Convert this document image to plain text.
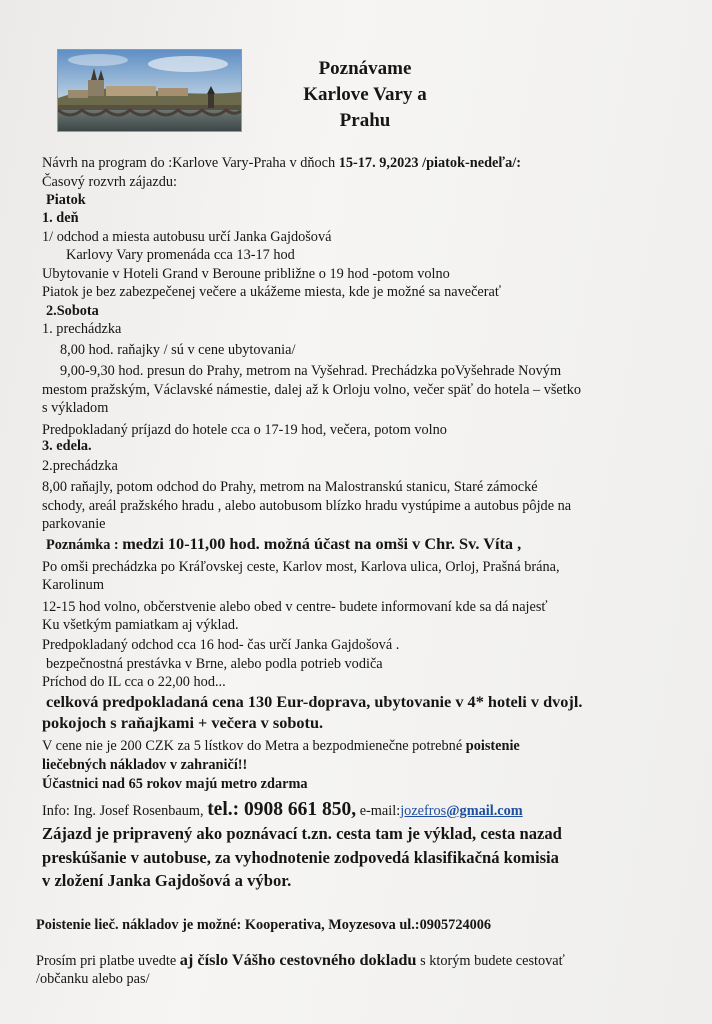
Poznávame
Karlove Vary a
Prahu
Návrh na program do :Karlove Vary-Praha v dňoch 15-17. 9,2023 /piatok-nedeľa/:
Časový rozvrh zájazdu:
Piatok
1. deň
1/ odchod a miesta autobusu určí Janka Gajdošová
Karlovy Vary promenáda cca 13-17 hod
Ubytovanie v Hoteli Grand v Beroune približne o 19 hod -potom volno
Piatok je bez zabezpečenej večere a ukážeme miesta, kde je možné sa navečerať
2.Sobota
1. prechádzka
8,00 hod. raňajky / sú v cene ubytovania/
9,00-9,30 hod. presun do Prahy, metrom na Vyšehrad. Prechádzka poVyšehrade Novým
mestom pražským, Václavské námestie, dalej až k Orloju volno, večer späť do hotela – všetko
s výkladom
Predpokladaný príjazd do hotele cca o 17-19 hod, večera, potom volno
3. edela.
2.prechádzka
8,00 raňajly, potom odchod do Prahy, metrom na Malostranskú stanicu, Staré zámocké
schody, areál pražského hradu , alebo autobusom blízko hradu vystúpime a autobus pôjde na
parkovanie
Poznámka : medzi 10-11,00 hod. možná účast na omši v Chr. Sv. Víta ,
Po omši prechádzka po Kráľovskej ceste, Karlov most, Karlova ulica, Orloj, Prašná brána,
Karolinum
12-15 hod volno, občerstvenie alebo obed v centre- budete informovaní kde sa dá najesť
Ku všetkým pamiatkam aj výklad.
Predpokladaný odchod cca 16 hod- čas určí Janka Gajdošová .
bezpečnostná prestávka v Brne, alebo podla potrieb vodiča
Príchod do IL cca o 22,00 hod...
celková predpokladaná cena 130 Eur-doprava, ubytovanie v 4* hoteli v dvojl.
pokojoch s raňajkami + večera v sobotu.
V cene nie je 200 CZK za 5 lístkov do Metra a bezpodmienečne potrebné poistenie
liečebných nákladov v zahraničí!!
Účastnici nad 65 rokov majú metro zdarma
Info: Ing. Josef Rosenbaum, tel.: 0908 661 850, e-mail:jozefros@gmail.com
Zájazd je pripravený ako poznávací t.zn. cesta tam je výklad, cesta nazad
preskúšanie v autobuse, za vyhodnotenie zodpovedá klasifikačná komisia
v zložení Janka Gajdošová a výbor.
Poistenie lieč. nákladov je možné: Kooperativa, Moyzesova ul.:0905724006
Prosím pri platbe uvedte aj číslo Vášho cestovného dokladu s ktorým budete cestovať
/občanku alebo pas/
